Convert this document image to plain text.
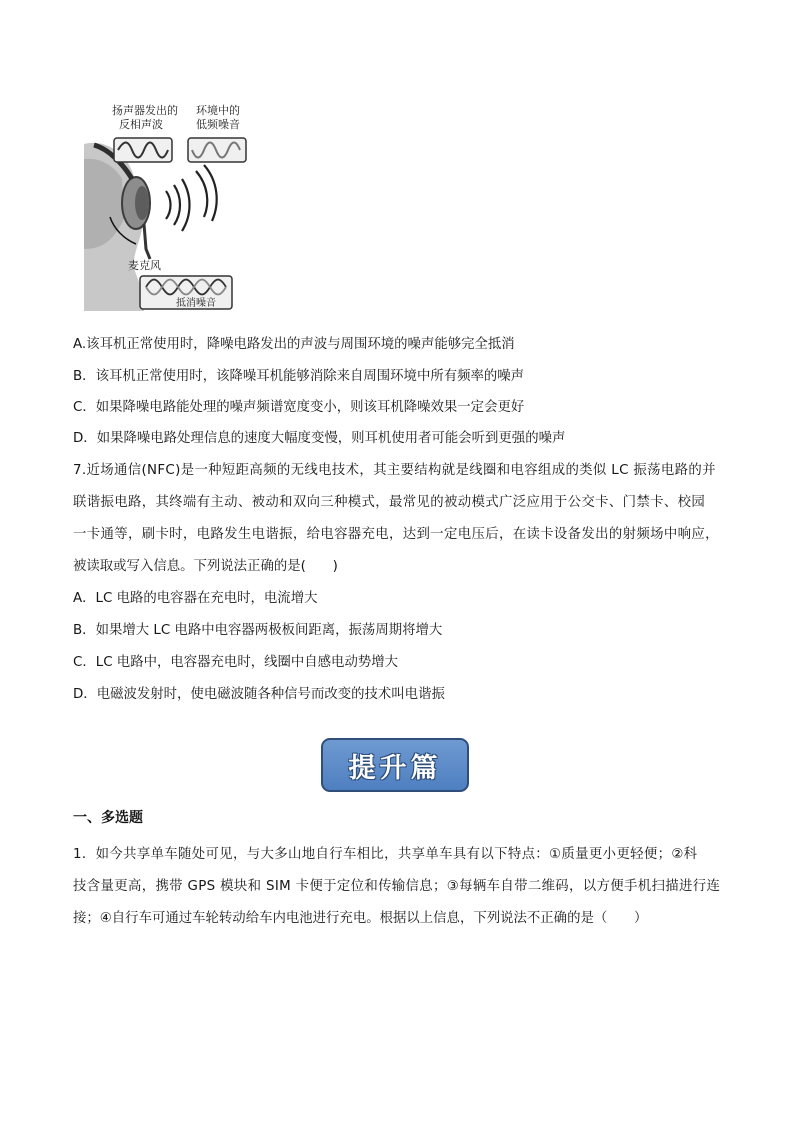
扬声器发出的
反相声波
环境中的
低频噪音
麦克风
抵消噪音
A.该耳机正常使用时，降噪电路发出的声波与周围环境的噪声能够完全抵消
B．该耳机正常使用时，该降噪耳机能够消除来自周围环境中所有频率的噪声
C．如果降噪电路能处理的噪声频谱宽度变小，则该耳机降噪效果一定会更好
D．如果降噪电路处理信息的速度大幅度变慢，则耳机使用者可能会听到更强的噪声
7.近场通信(NFC)是一种短距高频的无线电技术，其主要结构就是线圈和电容组成的类似 LC 振荡电路的并
联谐振电路，其终端有主动、被动和双向三种模式，最常见的被动模式广泛应用于公交卡、门禁卡、校园
一卡通等，刷卡时，电路发生电谐振，给电容器充电，达到一定电压后，在读卡设备发出的射频场中响应，
被读取或写入信息。下列说法正确的是(　　)
A．LC 电路的电容器在充电时，电流增大
B．如果增大 LC 电路中电容器两极板间距离，振荡周期将增大
C．LC 电路中，电容器充电时，线圈中自感电动势增大
D．电磁波发射时，使电磁波随各种信号而改变的技术叫电谐振
提升篇
一、多选题
1．如今共享单车随处可见，与大多山地自行车相比，共享单车具有以下特点：①质量更小更轻便；②科
技含量更高，携带 GPS 模块和 SIM 卡便于定位和传输信息；③每辆车自带二维码，以方便手机扫描进行连
接；④自行车可通过车轮转动给车内电池进行充电。根据以上信息，下列说法不正确的是（　　）
